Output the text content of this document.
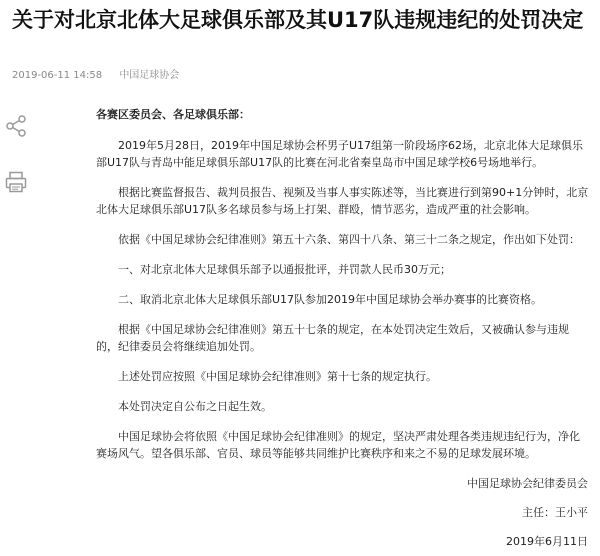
关于对北京北体大足球俱乐部及其U17队违规违纪的处罚决定
2019-06-11 14:58 中国足球协会

各赛区委员会、各足球俱乐部：

2019年5月28日，2019年中国足球协会杯男子U17组第一阶段场序62场，北京北体大足球俱乐部U17队与青岛中能足球俱乐部U17队的比赛在河北省秦皇岛市中国足球学校6号场地举行。

根据比赛监督报告、裁判员报告、视频及当事人事实陈述等，当比赛进行到第90+1分钟时，北京北体大足球俱乐部U17队多名球员参与场上打架、群殴，情节恶劣，造成严重的社会影响。

依据《中国足球协会纪律准则》第五十六条、第四十八条、第三十二条之规定，作出如下处罚：

一、对北京北体大足球俱乐部予以通报批评，并罚款人民币30万元；

二、取消北京北体大足球俱乐部U17队参加2019年中国足球协会举办赛事的比赛资格。

根据《中国足球协会纪律准则》第五十七条的规定，在本处罚决定生效后，又被确认参与违规的，纪律委员会将继续追加处罚。

上述处罚应按照《中国足球协会纪律准则》第十七条的规定执行。

本处罚决定自公布之日起生效。

中国足球协会将依照《中国足球协会纪律准则》的规定，坚决严肃处理各类违规违纪行为，净化赛场风气。望各俱乐部、官员、球员等能够共同维护比赛秩序和来之不易的足球发展环境。

中国足球协会纪律委员会

主任：王小平

2019年6月11日
